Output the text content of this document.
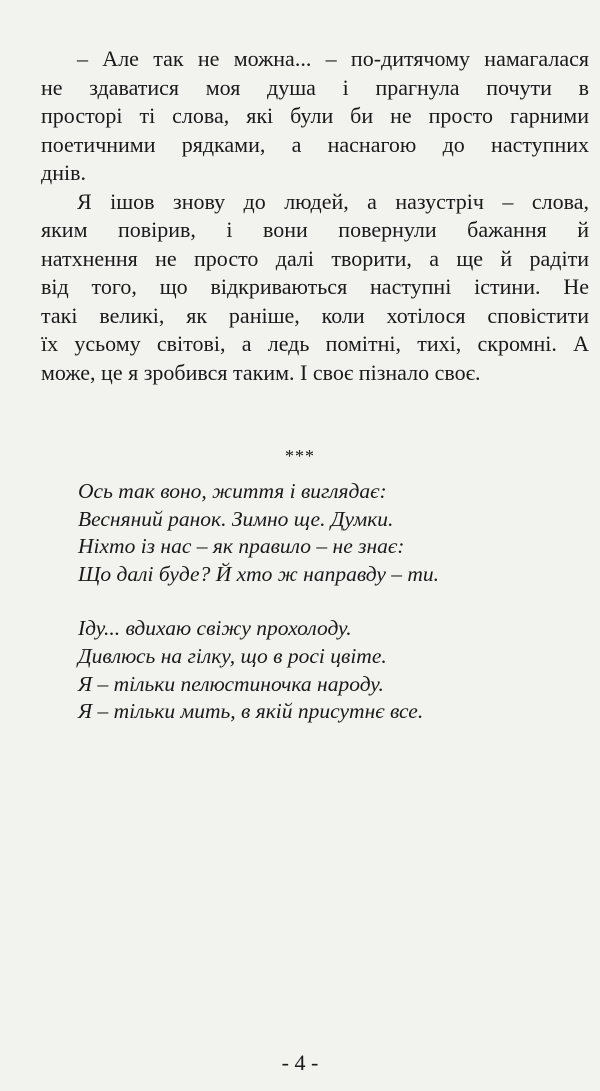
– Але так не можна... – по-дитячому намагалася
не здаватися моя душа і прагнула почути в
просторі ті слова, які були би не просто гарними
поетичними рядками, а наснагою до наступних
днів.
Я ішов знову до людей, а назустріч – слова,
яким повірив, і вони повернули бажання й
натхнення не просто далі творити, а ще й радіти
від того, що відкриваються наступні істини. Не
такі великі, як раніше, коли хотілося сповістити
їх усьому світові, а ледь помітні, тихі, скромні. А
може, це я зробився таким. І своє пізнало своє.
***
Ось так воно, життя і виглядає:
Весняний ранок. Зимно ще. Думки.
Ніхто із нас – як правило – не знає:
Що далі буде? Й хто ж направду – ти.
Іду... вдихаю свіжу прохолоду.
Дивлюсь на гілку, що в росі цвіте.
Я – тільки пелюстиночка народу.
Я – тільки мить, в якій присутнє все.
- 4 -
